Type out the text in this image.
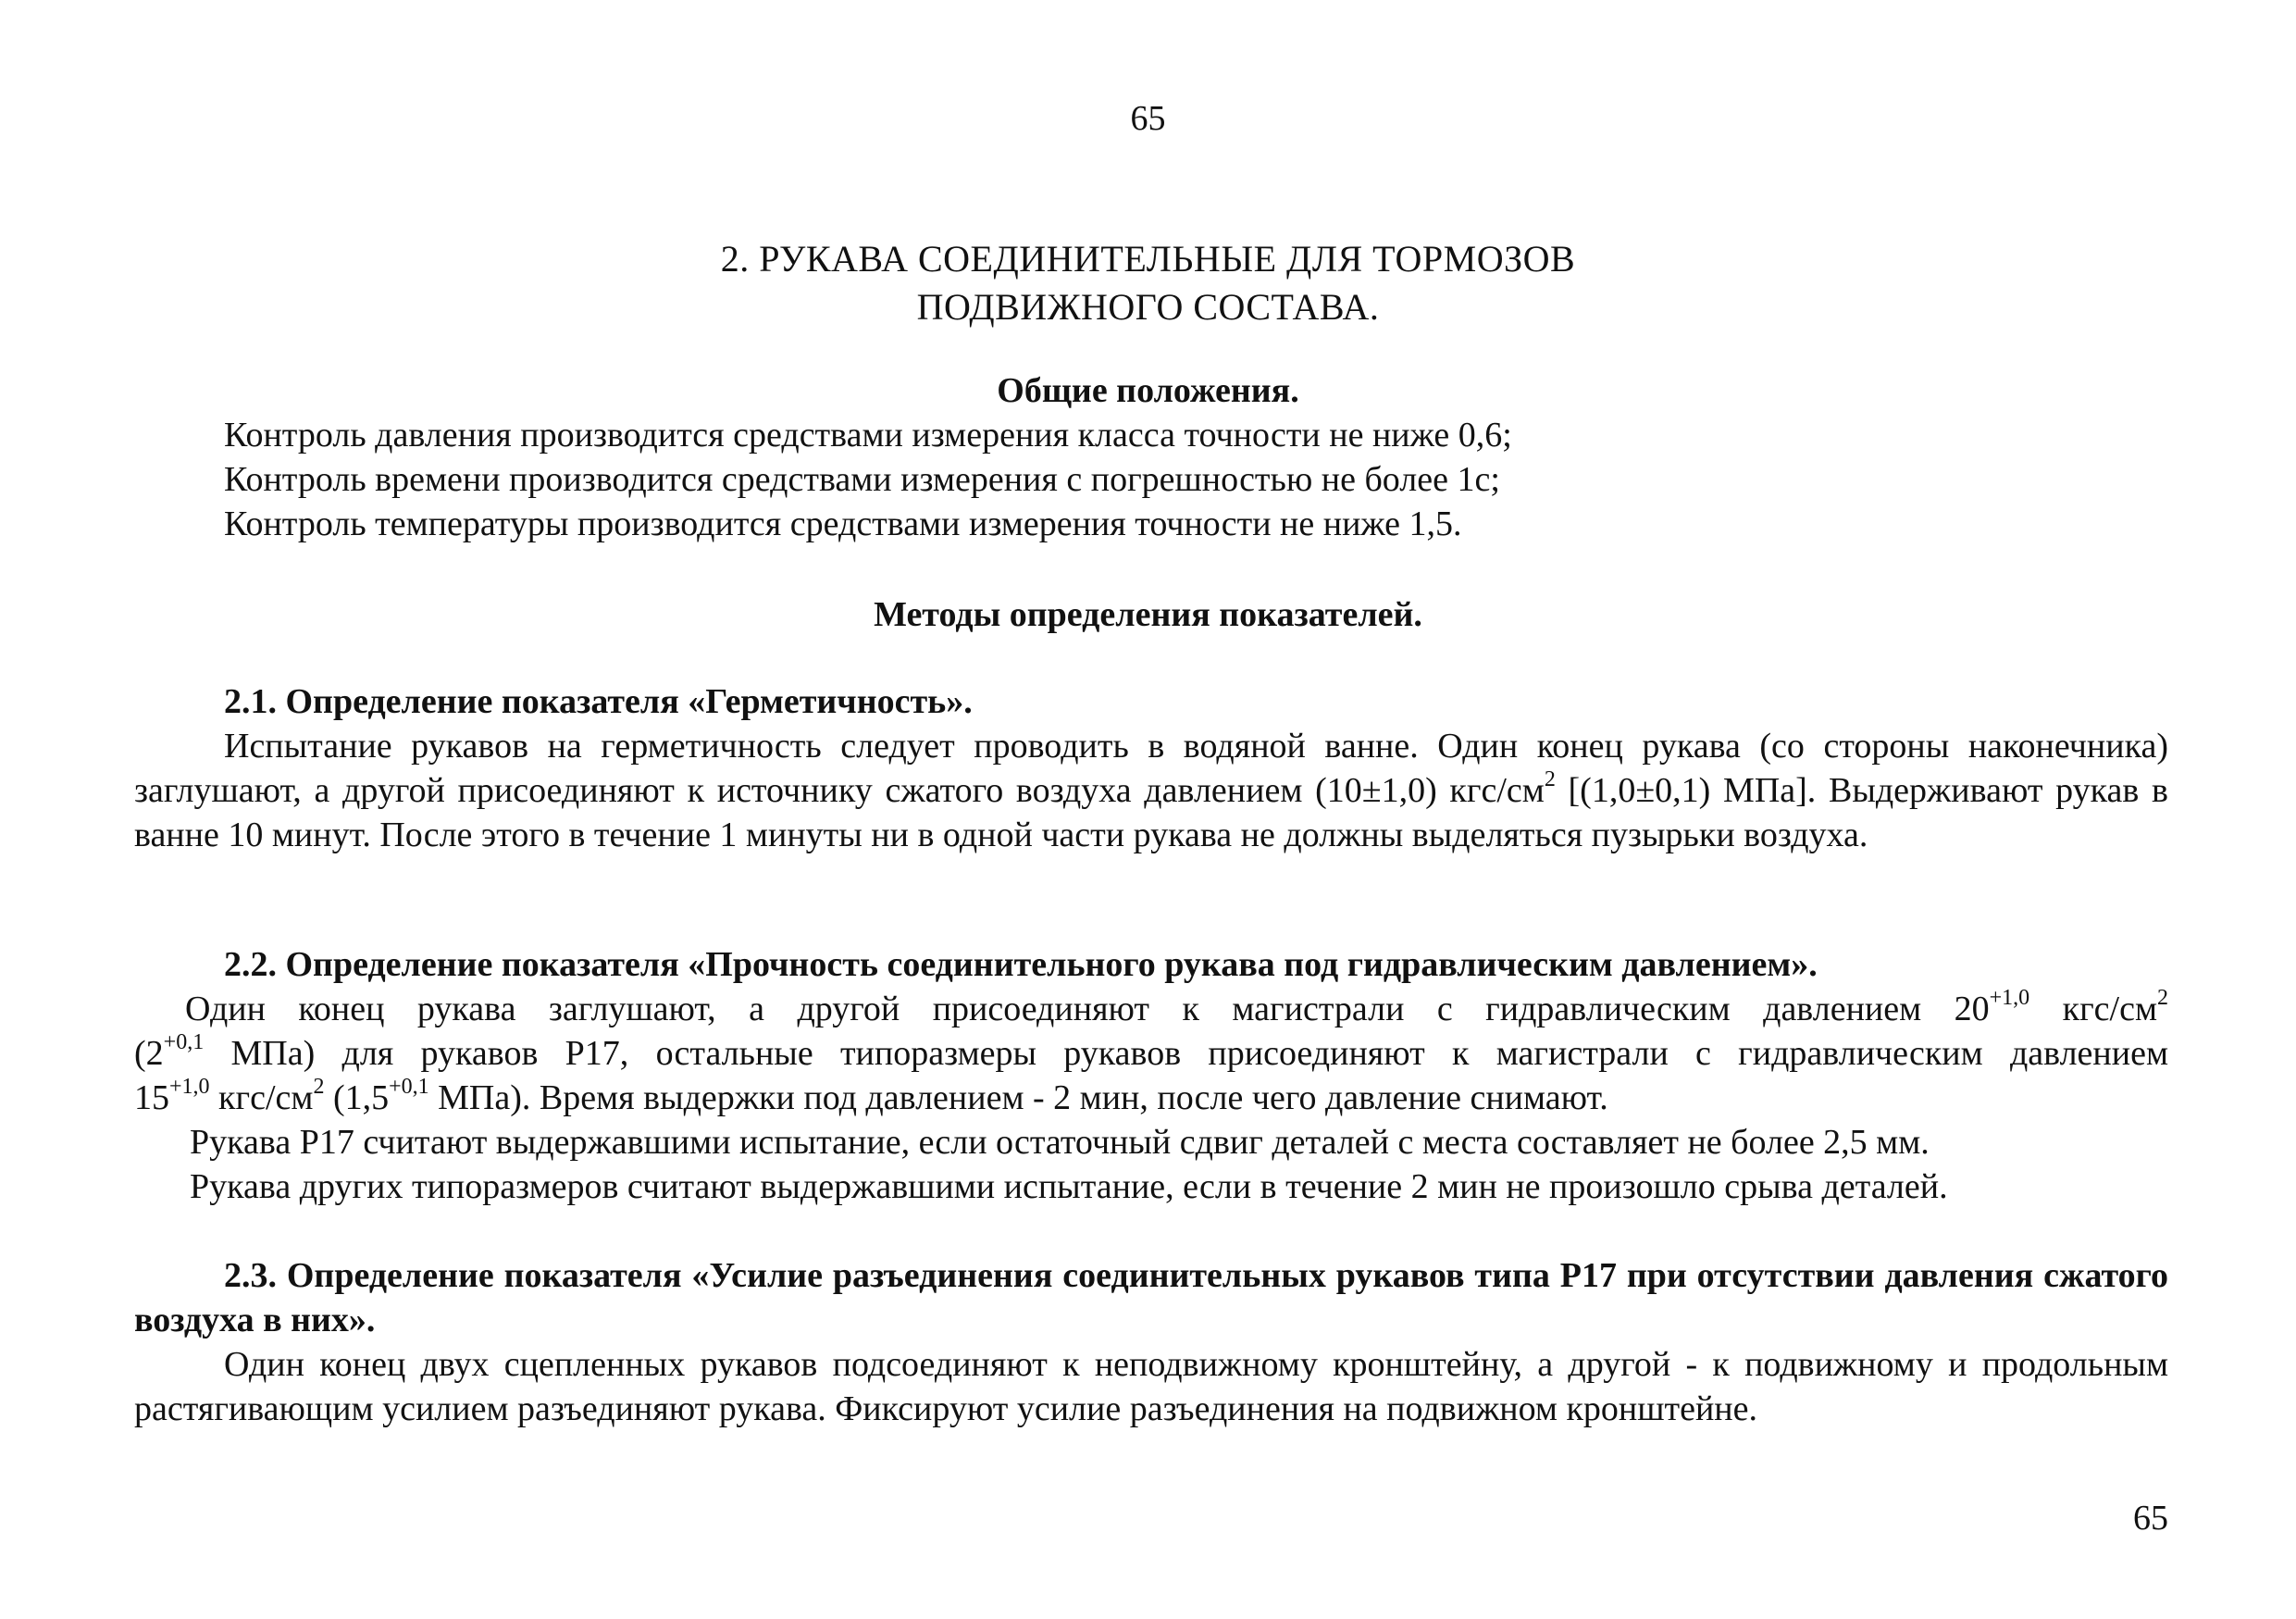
65
2. РУКАВА СОЕДИНИТЕЛЬНЫЕ ДЛЯ ТОРМОЗОВ
ПОДВИЖНОГО СОСТАВА.
Общие положения.
Контроль давления производится средствами измерения класса точности не ниже 0,6;
Контроль времени производится средствами измерения с погрешностью не более 1с;
Контроль температуры производится средствами измерения точности не ниже 1,5.
Методы определения показателей.
2.1. Определение показателя «Герметичность».
Испытание рукавов на герметичность следует проводить в водяной ванне. Один конец рукава (со стороны наконечника) заглушают, а другой присоединяют к источнику сжатого воздуха давлением (10±1,0) кгс/$см^2$ [(1,0±0,1) МПа]. Выдерживают рукав в ванне 10 минут. После этого в течение 1 минуты ни в одной части рукава не должны выделяться пузырьки воздуха.
2.2. Определение показателя «Прочность соединительного рукава под гидравлическим давлением».
Один конец рукава заглушают, а другой присоединяют к магистрали с гидравлическим давлением $20^{+1,0}$ кгс/$см^2$
($2^{+0,1}$ МПа) для рукавов Р17, остальные типоразмеры рукавов присоединяют к магистрали с гидравлическим давлением
$15^{+1,0}$ кгс/$см^2$ ($1,5^{+0,1}$ МПа). Время выдержки под давлением - 2 мин, после чего давление снимают.
Рукава Р17 считают выдержавшими испытание, если остаточный сдвиг деталей с места составляет не более 2,5 мм.
Рукава других типоразмеров считают выдержавшими испытание, если в течение 2 мин не произошло срыва деталей.
2.3. Определение показателя «Усилие разъединения соединительных рукавов типа Р17 при отсутствии давления сжатого воздуха в них».
Один конец двух сцепленных рукавов подсоединяют к неподвижному кронштейну, а другой - к подвижному и продольным растягивающим усилием разъединяют рукава. Фиксируют усилие разъединения на подвижном кронштейне.
65
